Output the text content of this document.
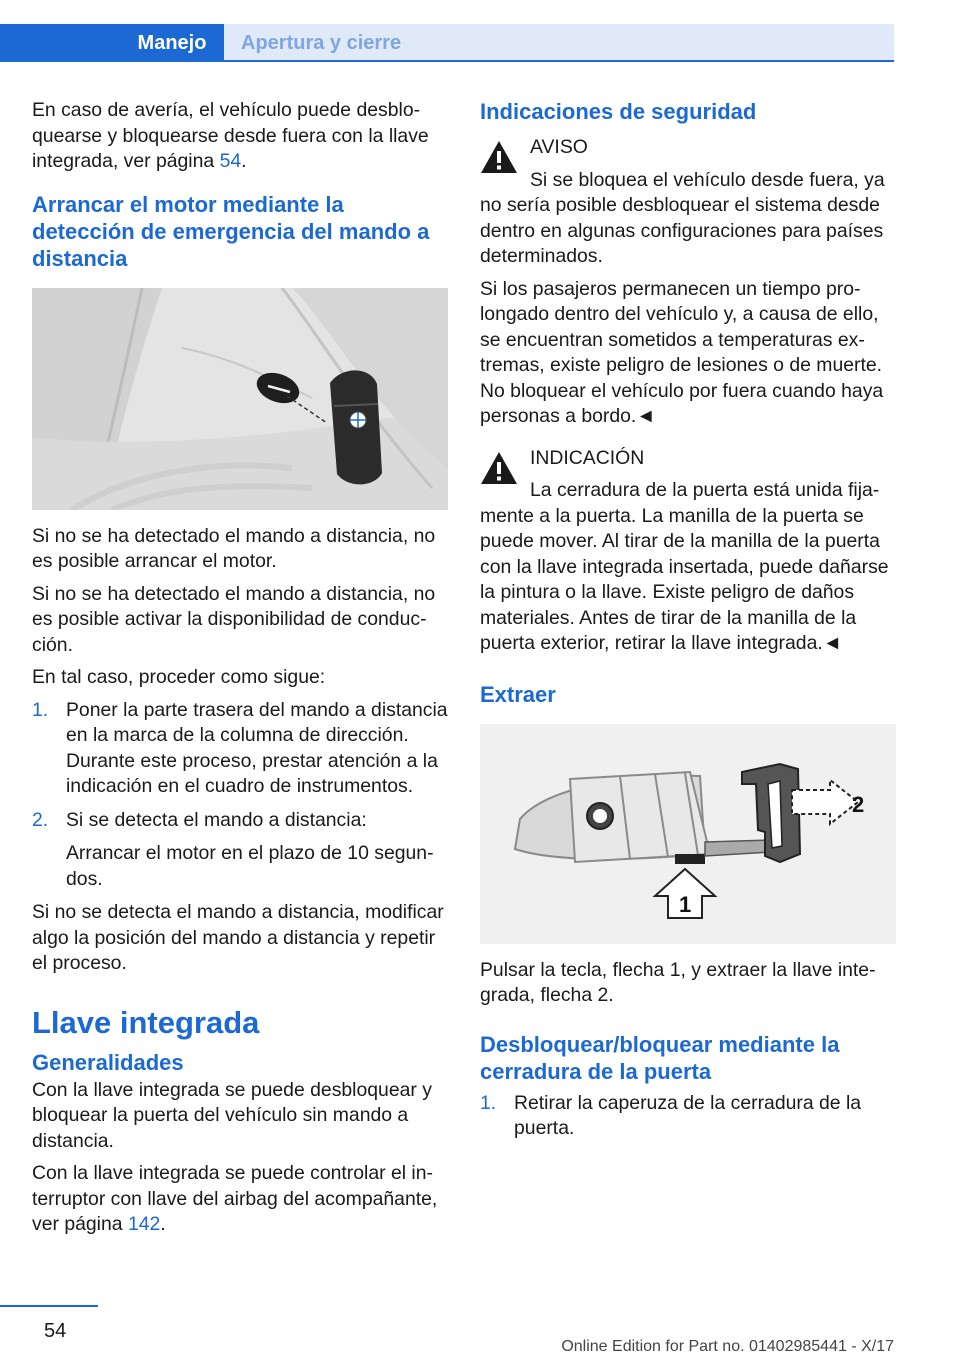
Manejo	Apertura y cierre

En caso de avería, el vehículo puede desbloquearse y bloquearse desde fuera con la llave integrada, ver página 54.

Arrancar el motor mediante la detección de emergencia del mando a distancia

Si no se ha detectado el mando a distancia, no es posible arrancar el motor.

Si no se ha detectado el mando a distancia, no es posible activar la disponibilidad de conducción.

En tal caso, proceder como sigue:

1. Poner la parte trasera del mando a distancia en la marca de la columna de dirección. Durante este proceso, prestar atención a la indicación en el cuadro de instrumentos.

2. Si se detecta el mando a distancia:

Arrancar el motor en el plazo de 10 segundos.

Si no se detecta el mando a distancia, modificar algo la posición del mando a distancia y repetir el proceso.

Llave integrada
Generalidades

Con la llave integrada se puede desbloquear y bloquear la puerta del vehículo sin mando a distancia.

Con la llave integrada se puede controlar el interruptor con llave del airbag del acompañante, ver página 142.

Indicaciones de seguridad
AVISO

Si se bloquea el vehículo desde fuera, ya no sería posible desbloquear el sistema desde dentro en algunas configuraciones para países determinados.

Si los pasajeros permanecen un tiempo prolongado dentro del vehículo y, a causa de ello, se encuentran sometidos a temperaturas extremas, existe peligro de lesiones o de muerte. No bloquear el vehículo por fuera cuando haya personas a bordo.◄

INDICACIÓN

La cerradura de la puerta está unida fijamente a la puerta. La manilla de la puerta se puede mover. Al tirar de la manilla de la puerta con la llave integrada insertada, puede dañarse la pintura o la llave. Existe peligro de daños materiales. Antes de tirar de la manilla de la puerta exterior, retirar la llave integrada.◄

Extraer
2
1

Pulsar la tecla, flecha 1, y extraer la llave integrada, flecha 2.

Desbloquear/bloquear mediante la cerradura de la puerta
1. Retirar la caperuza de la cerradura de la puerta.

54
Online Edition for Part no. 01402985441 - X/17
